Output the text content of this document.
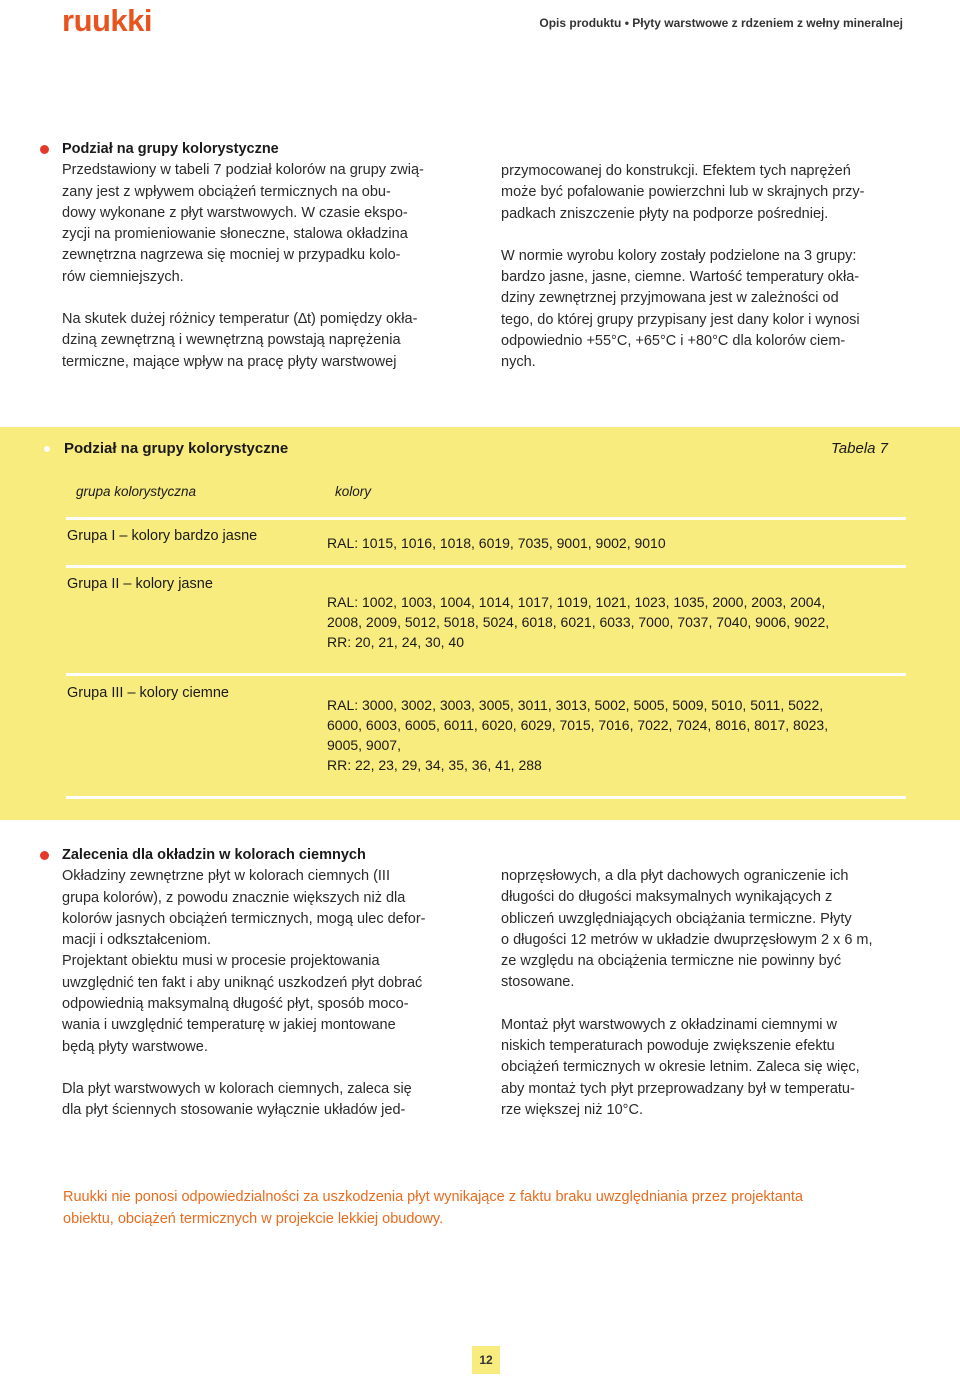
ruukki	Opis produktu • Płyty warstwowe z rdzeniem z wełny mineralnej
Podział na grupy kolorystyczne

Przedstawiony w tabeli 7 podział kolorów na grupy zwią-
zany jest z wpływem obciążeń termicznych na obu-
dowy wykonane z płyt warstwowych. W czasie ekspo-
zycji na promieniowanie słoneczne, stalowa okładzina
zewnętrzna nagrzewa się mocniej w przypadku kolo-
rów ciemniejszych.

Na skutek dużej różnicy temperatur (∆t) pomiędzy okła-
dziną zewnętrzną i wewnętrzną powstają naprężenia
termiczne, mające wpływ na pracę płyty warstwowej

przymocowanej do konstrukcji. Efektem tych naprężeń
może być pofalowanie powierzchni lub w skrajnych przy-
padkach zniszczenie płyty na podporze pośredniej.

W normie wyrobu kolory zostały podzielone na 3 grupy:
bardzo jasne, jasne, ciemne. Wartość temperatury okła-
dziny zewnętrznej przyjmowana jest w zależności od
tego, do której grupy przypisany jest dany kolor i wynosi
odpowiednio +55°C, +65°C i +80°C dla kolorów ciem-
nych.

Podział na grupy kolorystyczne	Tabela 7
grupa kolorystyczna	kolory
Grupa I – kolory bardzo jasne	RAL: 1015, 1016, 1018, 6019, 7035, 9001, 9002, 9010
Grupa II – kolory jasne
RAL: 1002, 1003, 1004, 1014, 1017, 1019, 1021, 1023, 1035, 2000, 2003, 2004,
2008, 2009, 5012, 5018, 5024, 6018, 6021, 6033, 7000, 7037, 7040, 9006, 9022,
RR: 20, 21, 24, 30, 40
Grupa III – kolory ciemne
RAL: 3000, 3002, 3003, 3005, 3011, 3013, 5002, 5005, 5009, 5010, 5011, 5022,
6000, 6003, 6005, 6011, 6020, 6029, 7015, 7016, 7022, 7024, 8016, 8017, 8023,
9005, 9007,
RR: 22, 23, 29, 34, 35, 36, 41, 288
Zalecenia dla okładzin w kolorach ciemnych

Okładziny zewnętrzne płyt w kolorach ciemnych (III
grupa kolorów), z powodu znacznie większych niż dla
kolorów jasnych obciążeń termicznych, mogą ulec defor-
macji i odkształceniom.
Projektant obiektu musi w procesie projektowania
uwzględnić ten fakt i aby uniknąć uszkodzeń płyt dobrać
odpowiednią maksymalną długość płyt, sposób moco-
wania i uwzględnić temperaturę w jakiej montowane
będą płyty warstwowe.

Dla płyt warstwowych w kolorach ciemnych, zaleca się
dla płyt ściennych stosowanie wyłącznie układów jed-

noprzęsłowych, a dla płyt dachowych ograniczenie ich
długości do długości maksymalnych wynikających z
obliczeń uwzględniających obciążania termiczne. Płyty
o długości 12 metrów w układzie dwuprzęsłowym 2 x 6 m,
ze względu na obciążenia termiczne nie powinny być
stosowane.

Montaż płyt warstwowych z okładzinami ciemnymi w
niskich temperaturach powoduje zwiększenie efektu
obciążeń termicznych w okresie letnim. Zaleca się więc,
aby montaż tych płyt przeprowadzany był w temperatu-
rze większej niż 10°C.

Ruukki nie ponosi odpowiedzialności za uszkodzenia płyt wynikające z faktu braku uwzględniania przez projektanta
obiektu, obciążeń termicznych w projekcie lekkiej obudowy.
12
